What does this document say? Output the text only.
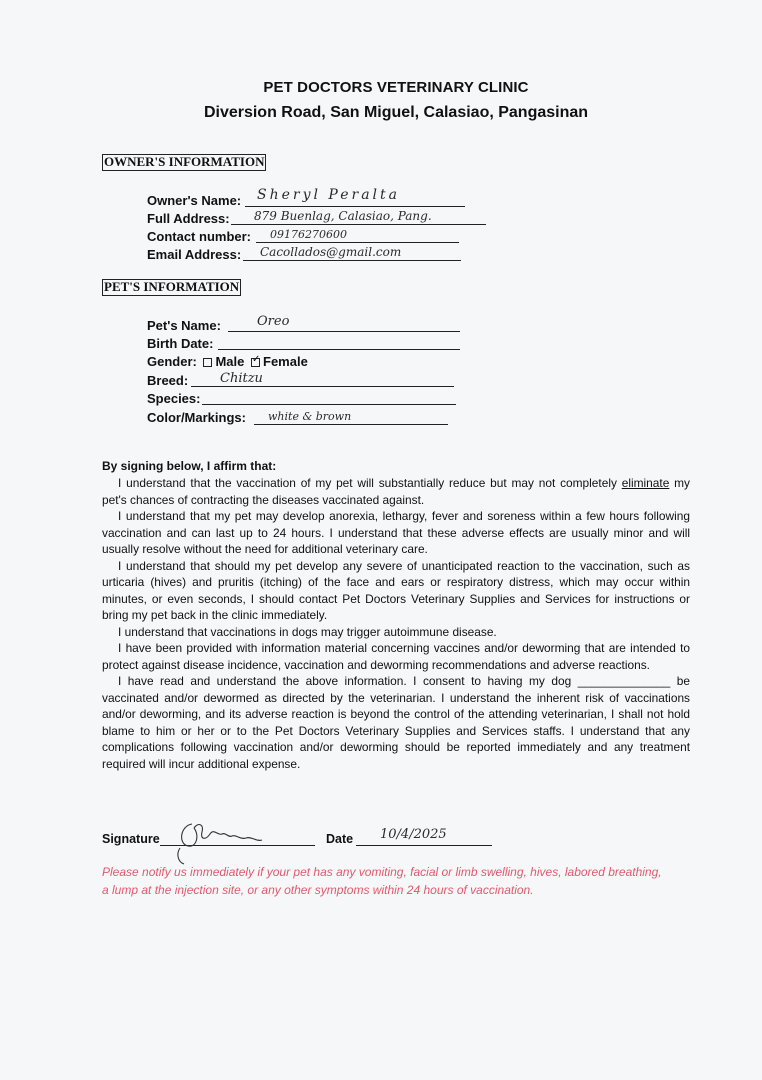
PET DOCTORS VETERINARY CLINIC
Diversion Road, San Miguel, Calasiao, Pangasinan
OWNER'S INFORMATION
Owner's Name: Sheryl Peralta
Full Address: 879 Buenlag, Calasiao, Pang.
Contact number: 09176270600
Email Address: Cacollados@gmail.com
PET'S INFORMATION
Pet's Name:	Oreo
Birth Date:
Gender: Male ✓ Female
Breed: Chitzu
Species:
Color/Markings: white & brown
By signing below, I affirm that:

I understand that the vaccination of my pet will substantially reduce but may not completely eliminate my pet's chances of contracting the diseases vaccinated against.

I understand that my pet may develop anorexia, lethargy, fever and soreness within a few hours following vaccination and can last up to 24 hours. I understand that these adverse effects are usually minor and will usually resolve without the need for additional veterinary care.

I understand that should my pet develop any severe of unanticipated reaction to the vaccination, such as urticaria (hives) and pruritis (itching) of the face and ears or respiratory distress, which may occur within minutes, or even seconds, I should contact Pet Doctors Veterinary Supplies and Services for instructions or bring my pet back in the clinic immediately.

I understand that vaccinations in dogs may trigger autoimmune disease.

I have been provided with information material concerning vaccines and/or deworming that are intended to protect against disease incidence, vaccination and deworming recommendations and adverse reactions.

I have read and understand the above information. I consent to having my dog ______________ be vaccinated and/or dewormed as directed by the veterinarian. I understand the inherent risk of vaccinations and/or deworming, and its adverse reaction is beyond the control of the attending veterinarian, I shall not hold blame to him or her or to the Pet Doctors Veterinary Supplies and Services staffs. I understand that any complications following vaccination and/or deworming should be reported immediately and any treatment required will incur additional expense.

Signature	Date 10/4/2025
Please notify us immediately if your pet has any vomiting, facial or limb swelling, hives, labored breathing, a lump at the injection site, or any other symptoms within 24 hours of vaccination.
